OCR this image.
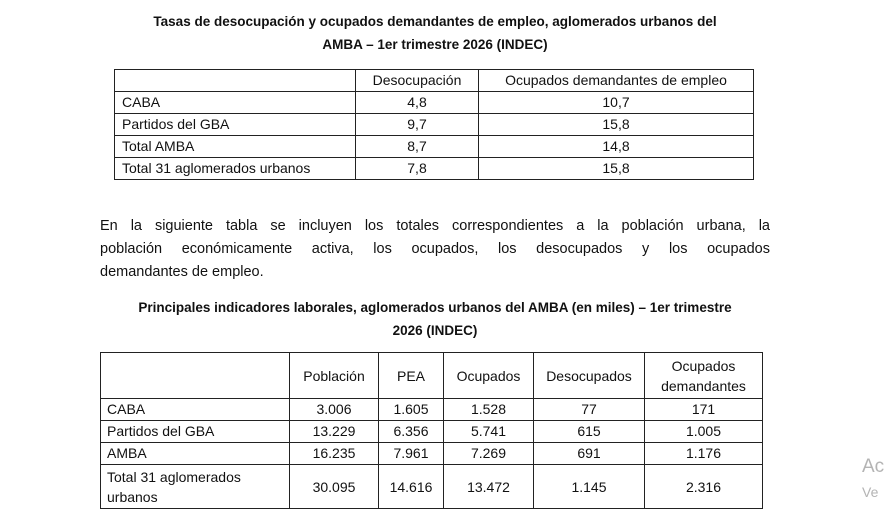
Tasas de desocupación y ocupados demandantes de empleo, aglomerados urbanos del
AMBA – 1er trimestre 2026 (INDEC)
	Desocupación	Ocupados demandantes de empleo
CABA	4,8	10,7
Partidos del GBA	9,7	15,8
Total AMBA	8,7	14,8
Total 31 aglomerados urbanos	7,8	15,8
En la siguiente tabla se incluyen los totales correspondientes a la población urbana, la
población económicamente activa, los ocupados, los desocupados y los ocupados
demandantes de empleo.
Principales indicadores laborales, aglomerados urbanos del AMBA (en miles) – 1er trimestre
2026 (INDEC)
	Población	PEA	Ocupados	Desocupados	Ocupados demandantes
CABA	3.006	1.605	1.528	77	171
Partidos del GBA	13.229	6.356	5.741	615	1.005
AMBA	16.235	7.961	7.269	691	1.176
Total 31 aglomerados urbanos	30.095	14.616	13.472	1.145	2.316
Ac
Ve
